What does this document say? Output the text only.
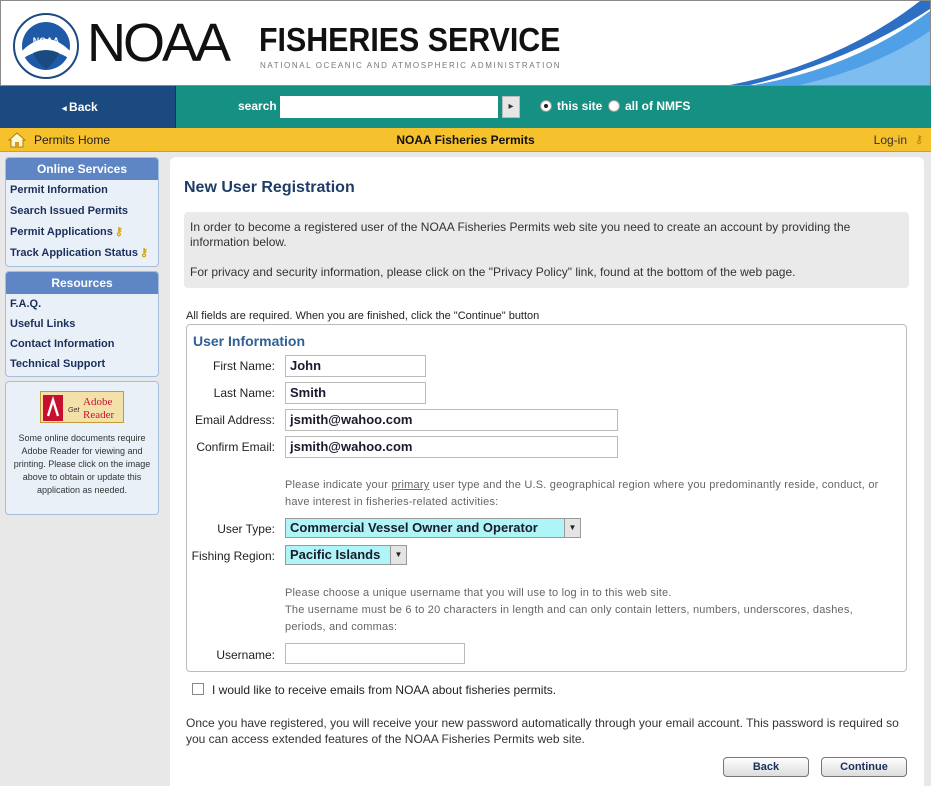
NOAA NOAA FISHERIES SERVICE
NATIONAL OCEANIC AND ATMOSPHERIC ADMINISTRATION
◂ Back	search	▸	this site all of NMFS
Permits Home	NOAA Fisheries Permits	Log-in ⚷
Online Services
Permit Information
Search Issued Permits
Permit Applications ⚷
Track Application Status ⚷
Resources
F.A.Q.
Useful Links
Contact Information
Technical Support
Get
Adobe
Reader
Some online documents require Adobe Reader for viewing and printing. Please click on the image above to obtain or update this application as needed.
New User Registration

In order to become a registered user of the NOAA Fisheries Permits web site you need to create an account by providing the information below.

For privacy and security information, please click on the "Privacy Policy" link, found at the bottom of the web page.

All fields are required. When you are finished, click the "Continue" button
User Information
First Name:	John
Last Name:	Smith
Email Address:	jsmith@wahoo.com
Confirm Email:	jsmith@wahoo.com
Please indicate your primary user type and the U.S. geographical region where you predominantly reside, conduct, or have interest in fisheries-related activities:
User Type:	Commercial Vessel Owner and Operator	▼
Fishing Region:	Pacific Islands	▼
Please choose a unique username that you will use to log in to this web site.
The username must be 6 to 20 characters in length and can only contain letters, numbers, underscores, dashes, periods, and commas:
Username:
I would like to receive emails from NOAA about fisheries permits.
Once you have registered, you will receive your new password automatically through your email account. This password is required so you can access extended features of the NOAA Fisheries Permits web site.
Back	Continue
